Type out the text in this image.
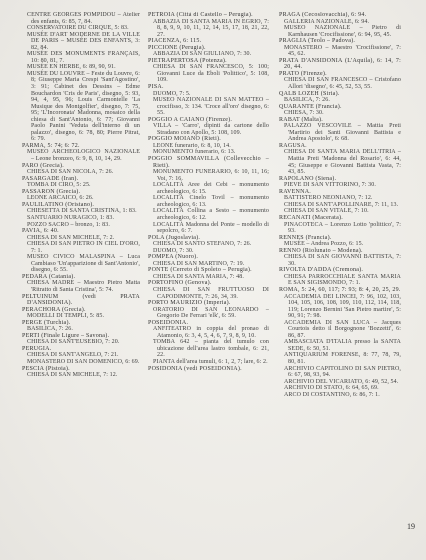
CENTRE GEORGES POMPIDOU – Atelier des enfants, 6: 85, 7, 84.
CONSERVATOIRE DU CIRQUE, 5: 83.
MUSÉE D'ART MODERNE DE LA VILLE DE PARIS – MUSÉE DES ENFANTS, 3: 82, 84.
MUSÉE DES MONUMENTS FRANÇAIS, 10: 80, 81, 7.
MUSÉE EN HERBE, 6: 89, 90, 91.
MUSÉE DU LOUVRE – Feste du Louvre, 6: 8; Giuseppe Maria Crespi 'Sant'Agostino', 3: 91; Cabinet des Dessins – Edme Bouchardon 'Cris de Paris', disegno, 5: 93, 94, 4, 95, 96; Louis Carmontelle 'La Musique des Montgolfier', disegno, 7: 75, 95; 'L'Incoronata' Madonna, mosaico della chiesa di Sant'Antonio, 6: 77; Giovanni Paolo Panini 'Veduta dell'interno di un palazzo', disegno, 6: 78, 80; Pierre Pitrat, 6: 79.
PARMA, 5: 74; 6: 72.
MUSEO ARCHEOLOGICO NAZIONALE – Leone bronzeo, 6: 9, 8, 10, 14, 29.
PARO (Grecia).
CHIESA DI SAN NICOLA, 7: 26.
PASARGADE (Iran).
TOMBA DI CIRO, 5: 25.
PASSARON (Grecia).
LEONE ARCAICO, 6: 26.
PAULILATINO (Oristano).
CHIESETTA DI SANTA CRISTINA, 1: 83.
SANTUARIO NURAGICO, 1: 83.
POZZO SACRO – bronzo, 1: 83.
PAVIA, 6: 40.
CHIESA DI SAN MICHELE, 7: 2.
CHIESA DI SAN PIETRO IN CIEL D'ORO, 7: 1.
MUSEO CIVICO MALASPINA – Luca Cambiaso 'Un'apparizione di Sant'Antonio', disegno, 6: 55.
PEDARA (Catania).
CHIESA MADRE – Maestro Pietro Matta 'Ritratto di Santa Cristina', 5: 74.
PELTUINUM (vedi PRATA D'ANSIDONIA).
PERACHORA (Grecia).
MODELLI DI TEMPLI, 5: 85.
PERGE (Turchia).
BASILICA, 7: 26.
PERTI (Finale Ligure – Savona).
CHIESA DI SANT'EUSEBIO, 7: 20.
PERUGIA.
CHIESA DI SANT'ANGELO, 7: 21.
MONASTERO DI SAN DOMENICO, 6: 69.
PESCIA (Pistoia).
CHIESA DI SAN MICHELE, 7: 12.
PETROIA (Città di Castello – Perugia).
ABBAZIA DI SANTA MARIA IN EGRIO, 7: 8, 8, 9, 9, 10, 11, 12, 14, 15, 17, 18, 21, 22, 27.
PIACENZA, 6: 115.
PICCIONE (Perugia).
ABBAZIA DI SAN GIULIANO, 7: 30.
PIETRAPERTOSA (Potenza).
CHIESA DI SAN FRANCESCO, 5: 100; Giovanni Luce da Eboli 'Polittico', 5: 108, 109.
PISA.
DUOMO, 7: 5.
MUSEO NAZIONALE DI SAN MATTEO – crocifisso, 3: 134. 'Croce all'oro' disegno, 6: 55.
POGGIO A CAIANO (Firenze).
VILLA – 'Carro', dipinti da cartone dello Stradano con Apollo, 5: 108, 109.
POGGIO MOIANO (Rieti).
LEONE funerario, 6: 8, 10, 14.
MONUMENTO funerario, 6: 13.
POGGIO SOMMAVILLA (Collevecchio – Rieti).
MONUMENTO FUNERARIO, 6: 10, 11, 16; Voi, 7: 16.
LOCALITÀ Aree dei Cebi – monumento archeologico, 6: 15.
LOCALITÀ Cinelo Tovil – monumento archeologico, 6: 13.
LOCALITÀ Collina a Sesto – monumento archeologico, 6: 12.
LOCALITÀ Madonna del Ponte – modello di sepolcro, 6: 7.
POLA (Jugoslavia).
CHIESA DI SANTO STEFANO, 7: 26.
DUOMO, 7: 30.
POMPEA (Nuoro).
CHIESA DI SAN MARTINO, 7: 19.
PONTE (Cerreto di Spoleto – Perugia).
CHIESA DI SANTA MARIA, 7: 48.
PORTOFINO (Genova).
CHIESA DI SAN FRUTTUOSO DI CAPODIMONTE, 7: 26, 34, 39.
PORTO MAURIZIO (Imperia).
ORATORIO DI SAN LEONARDO – Gregorio De Ferrari 'elk', 6: 59.
POSEIDONIA.
ANFITEATRO in coppia del pronao di Atamonio, 6: 3, 4, 5, 4, 6, 7, 9, 8, 9, 10.
TOMBA 642 – pianta del tumulo con ubicazione dell'area lastro tombale, 6: 21, 22.
PIANTA dell'area tumuli, 6: 1, 2, 7; lare, 6: 2.
POSIDONIA (vedi POSEIDONIA).
PRAGA (Cecoslovacchia), 6: 94.
GALLERIA NAZIONALE, 6: 94.
MUSEO NAZIONALE – Pietro di Karnhausen 'Crocifissione', 6: 94, 95, 45.
PRAGLIA (Teolo – Padova).
MONASTERO – Maestro 'Crocifissione', 7: 45, 62.
PRATA D'ANSIDONIA (L'Aquila), 6: 14, 7: 20, 44.
PRATO (Firenze).
CHIESA DI SAN FRANCESCO – Cristofano Allori 'disegno', 6: 45, 52, 53, 55.
QALB LOZEH (Siria).
BASILICA, 7: 26.
QUARANTE (Francia).
CHIESA, 7: 30.
RABAT (Malta).
PALAZZO VESCOVILE – Mattia Preti 'Martirio dei Santi Giovanni Battista e Andrea Apostolo', 6: 68.
RAGUSA.
CHIESA DI SANTA MARIA DELL'ITRIA – Mattia Preti 'Madonna del Rosario', 6: 44, 45; Giuseppe e Giovanni Battista Vasta, 7: 43, 85.
RAPOLANO (Siena).
PIEVE DI SAN VITTORINO, 7: 30.
RAVENNA.
BATTISTERO NEONIANO, 7: 12.
CHIESA DI SANT'APOLLINARE, 7: 11, 13.
CHIESA DI SAN VITALE, 7: 10.
RECANATI (Macerata).
PINACOTECA – Lorenzo Lotto 'polittico', 7: 93.
RENNES (Francia).
MUSÉE – Andrea Pozzo, 6: 15.
RENNO (Riolunato – Modena).
CHIESA DI SAN GIOVANNI BATTISTA, 7: 30.
RIVOLTA D'ADDA (Cremona).
CHIESA PARROCCHIALE SANTA MARIA E SAN SIGISMONDO, 7: 1.
ROMA, 5: 24, 60, 117; 7: 93; 8: 4, 20, 25, 29.
ACCADEMIA DEI LINCEI, 7: 96, 102, 103, 104, 105, 106, 108, 109, 110, 112, 114, 118, 119; Lorenzo Bernini 'San Pietro martire', 5: 90, 91; 7: 98.
ACCADEMIA DI SAN LUCA – Jacques Courtois detto il Borgognone 'Bozzetti', 6: 86, 87.
AMBASCIATA D'ITALIA presso la SANTA SEDE, 6: 50, 51.
ANTIQUARIUM FORENSE, 8: 77, 78, 79, 80, 81.
ARCHIVIO CAPITOLINO DI SAN PIETRO, 6: 67, 98, 93, 94.
ARCHIVIO DEL VICARIATO, 6: 49, 52, 54.
ARCHIVIO DI STATO, 6: 64, 65, 69.
ARCO DI COSTANTINO, 6: 86, 7: 1.
19
